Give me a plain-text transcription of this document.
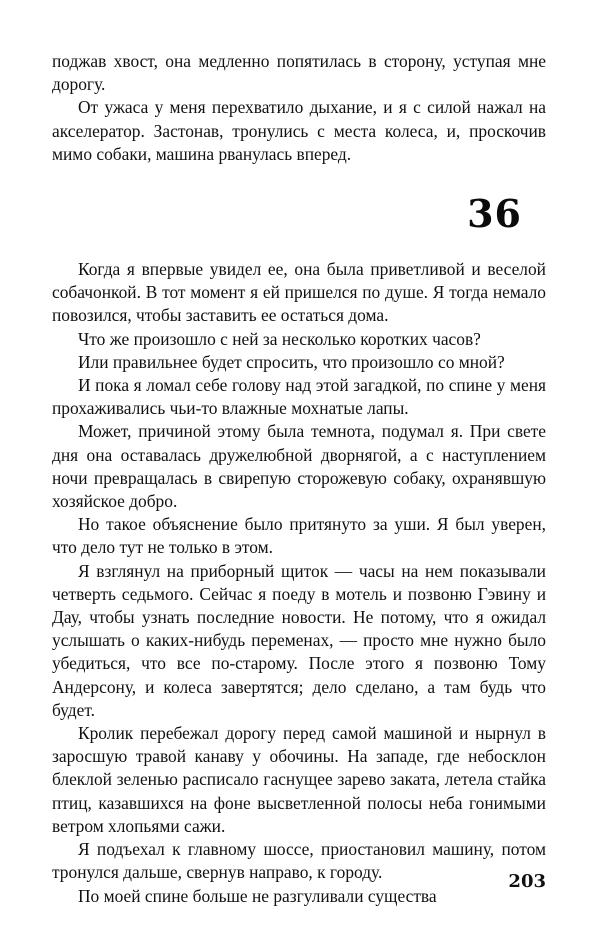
поджав хвост, она медленно попятилась в сторону, уступая мне дорогу.

От ужаса у меня перехватило дыхание, и я с силой нажал на акселератор. Застонав, тронулись с места колеса, и, проскочив мимо собаки, машина рванулась вперед.

36

Когда я впервые увидел ее, она была приветливой и веселой собачонкой. В тот момент я ей пришелся по душе. Я тогда немало повозился, чтобы заставить ее остаться дома.

Что же произошло с ней за несколько коротких часов?

Или правильнее будет спросить, что произошло со мной?

И пока я ломал себе голову над этой загадкой, по спине у меня прохаживались чьи-то влажные мохнатые лапы.

Может, причиной этому была темнота, подумал я. При свете дня она оставалась дружелюбной дворнягой, а с наступлением ночи превращалась в свирепую сторожевую собаку, охранявшую хозяйское добро.

Но такое объяснение было притянуто за уши. Я был уверен, что дело тут не только в этом.

Я взглянул на приборный щиток — часы на нем показывали четверть седьмого. Сейчас я поеду в мотель и позвоню Гэвину и Дау, чтобы узнать последние новости. Не потому, что я ожидал услышать о каких-нибудь переменах, — просто мне нужно было убедиться, что все по-старому. После этого я позвоню Тому Андерсону, и колеса завертятся; дело сделано, а там будь что будет.

Кролик перебежал дорогу перед самой машиной и нырнул в заросшую травой канаву у обочины. На западе, где небосклон блеклой зеленью расписало гаснущее зарево заката, летела стайка птиц, казавшихся на фоне высветленной полосы неба гонимыми ветром хлопьями сажи.

Я подъехал к главному шоссе, приостановил машину, потом тронулся дальше, свернув направо, к городу.

По моей спине больше не разгуливали существа

203
